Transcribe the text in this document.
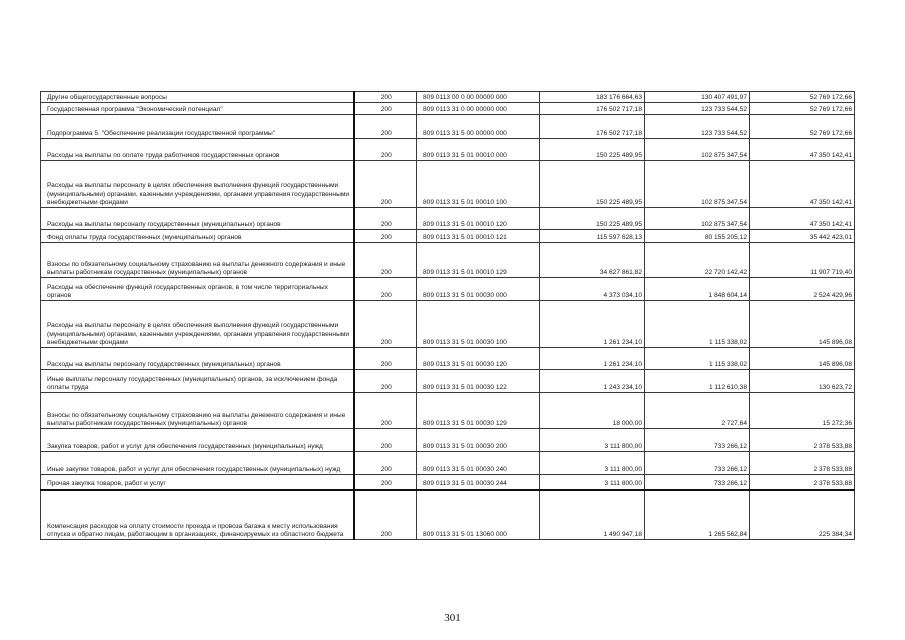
Другие общегосударственные вопросы	200	809 0113 00 0 00 00000 000	183 176 664,63	130 407 491,97	52 769 172,66
Государственная программа "Экономический потенциал"	200	809 0113 31 0 00 00000 000	176 502 717,18	123 733 544,52	52 769 172,66
Подпрограмма 5. "Обеспечение реализации государственной программы"	200	809 0113 31 5 00 00000 000	176 502 717,18	123 733 544,52	52 769 172,66
Расходы на выплаты по оплате труда работников государственных органов	200	809 0113 31 5 01 00010 000	150 225 489,95	102 875 347,54	47 350 142,41
Расходы на выплаты персоналу в целях обеспечения выполнения функций государственными (муниципальными) органами, казенными учреждениями, органами управления государственными внебюджетными фондами	200	809 0113 31 5 01 00010 100	150 225 489,95	102 875 347,54	47 350 142,41
Расходы на выплаты персоналу государственных (муниципальных) органов	200	809 0113 31 5 01 00010 120	150 225 489,95	102 875 347,54	47 350 142,41
Фонд оплаты труда государственных (муниципальных) органов	200	809 0113 31 5 01 00010 121	115 597 628,13	80 155 205,12	35 442 423,01
Взносы по обязательному социальному страхованию на выплаты денежного содержания и иные выплаты работникам государственных (муниципальных) органов	200	809 0113 31 5 01 00010 129	34 627 861,82	22 720 142,42	11 907 719,40
Расходы на обеспечение функций государственных органов, в том числе территориальных органов	200	809 0113 31 5 01 00030 000	4 373 034,10	1 848 604,14	2 524 429,96
Расходы на выплаты персоналу в целях обеспечения выполнения функций государственными (муниципальными) органами, казенными учреждениями, органами управления государственными внебюджетными фондами	200	809 0113 31 5 01 00030 100	1 261 234,10	1 115 338,02	145 896,08
Расходы на выплаты персоналу государственных (муниципальных) органов	200	809 0113 31 5 01 00030 120	1 261 234,10	1 115 338,02	145 896,08
Иные выплаты персоналу государственных (муниципальных) органов, за исключением фонда оплаты труда	200	809 0113 31 5 01 00030 122	1 243 234,10	1 112 610,38	130 623,72
Взносы по обязательному социальному страхованию на выплаты денежного содержания и иные выплаты работникам государственных (муниципальных) органов	200	809 0113 31 5 01 00030 129	18 000,00	2 727,64	15 272,36
Закупка товаров, работ и услуг для обеспечения государственных (муниципальных) нужд	200	809 0113 31 5 01 00030 200	3 111 800,00	733 266,12	2 378 533,88
Иные закупки товаров, работ и услуг для обеспечения государственных (муниципальных) нужд	200	809 0113 31 5 01 00030 240	3 111 800,00	733 266,12	2 378 533,88
Прочая закупка товаров, работ и услуг	200	809 0113 31 5 01 00030 244	3 111 800,00	733 266,12	2 378 533,88
Компенсация расходов на оплату стоимости проезда и провоза багажа к месту использования отпуска и обратно лицам, работающим в организациях, финансируемых из областного бюджета	200	809 0113 31 5 01 13060 000	1 490 947,18	1 265 562,84	225 384,34
301
